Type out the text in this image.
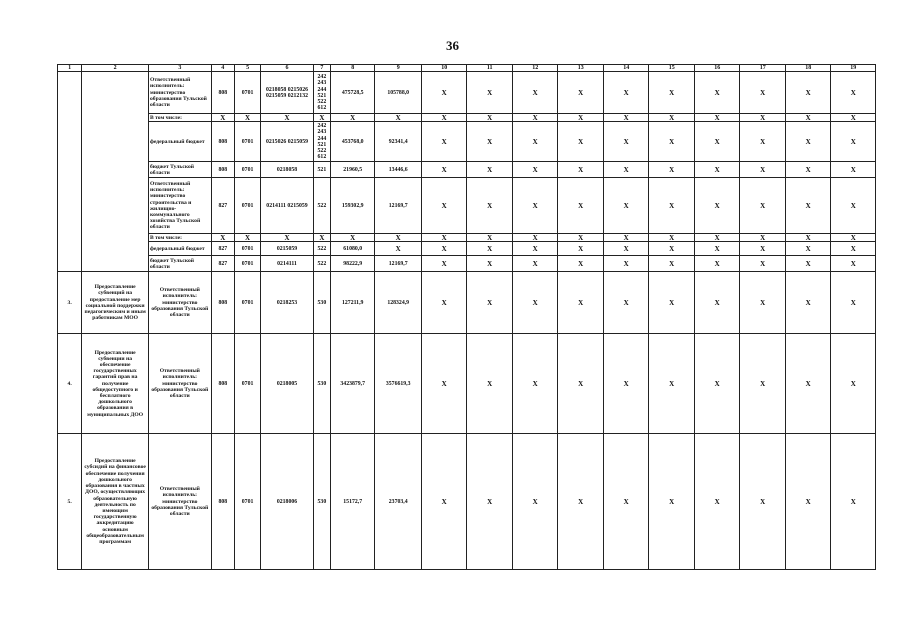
36
1	2	3	4	5	6	7	8	9	10	11	12	13	14	15	16	17	18	19
		Ответственный исполнитель: министерство образования Тульской области	808	0701	0218058 0215026 0215059 0212132	242 243 244 521 522 612	475728,5	105788,0	X	X	X	X	X	X	X	X	X	X
		В том числе:	X	X	X	X	X	X	X	X	X	X	X	X	X	X	X	X
		федеральный бюджет	808	0701	0215026 0215059	242 243 244 521 522 612	453768,0	92341,4	X	X	X	X	X	X	X	X	X	X
		бюджет Тульской области	808	0701	0218058	521	21960,5	13446,6	X	X	X	X	X	X	X	X	X	X
		Ответственный исполнитель: министерство строительства и жилищно-коммунального хозяйства Тульской области	827	0701	0214111 0215059	522	159302,9	12169,7	X	X	X	X	X	X	X	X	X	X
		В том числе:	X	X	X	X	X	X	X	X	X	X	X	X	X	X	X	X
		федеральный бюджет	827	0701	0215059	522	61080,0	X	X	X	X	X	X	X	X	X	X	X
		бюджет Тульской области	827	0701	0214111	522	98222,9	12169,7	X	X	X	X	X	X	X	X	X	X
3.	Предоставление субвенций на предоставление мер социальной поддержки педагогическим и иным работникам МОО	Ответственный исполнитель: министерство образования Тульской области	808	0701	0218253	530	127211,9	128324,9	X	X	X	X	X	X	X	X	X	X
4.	Предоставление субвенции на обеспечение государственных гарантий прав на получение общедоступного и бесплатного дошкольного образования в муниципальных ДОО	Ответственный исполнитель: министерство образования Тульской области	808	0701	0218005	530	3423879,7	3576619,3	X	X	X	X	X	X	X	X	X	X
5.	Предоставление субсидий на финансовое обеспечение получения дошкольного образования в частных ДОО, осуществляющих образовательную деятельность по имеющим государственную аккредитацию основным общеобразовательным программам	Ответственный исполнитель: министерство образования Тульской области	808	0701	0218006	530	15172,7	23703,4	X	X	X	X	X	X	X	X	X	X
